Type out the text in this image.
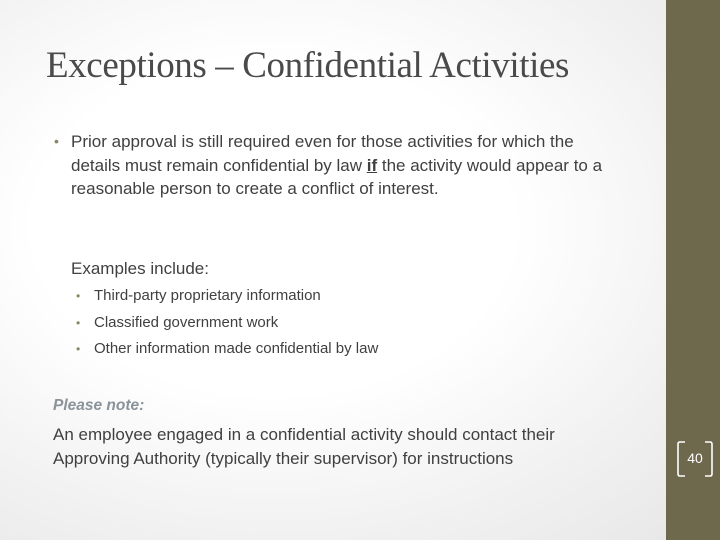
Exceptions – Confidential Activities
• Prior approval is still required even for those activities for which the details must remain confidential by law if the activity would appear to a reasonable person to create a conflict of interest.
Examples include:
• Third-party proprietary information
• Classified government work
• Other information made confidential by law
Please note:
An employee engaged in a confidential activity should contact their Approving Authority (typically their supervisor) for instructions	40
